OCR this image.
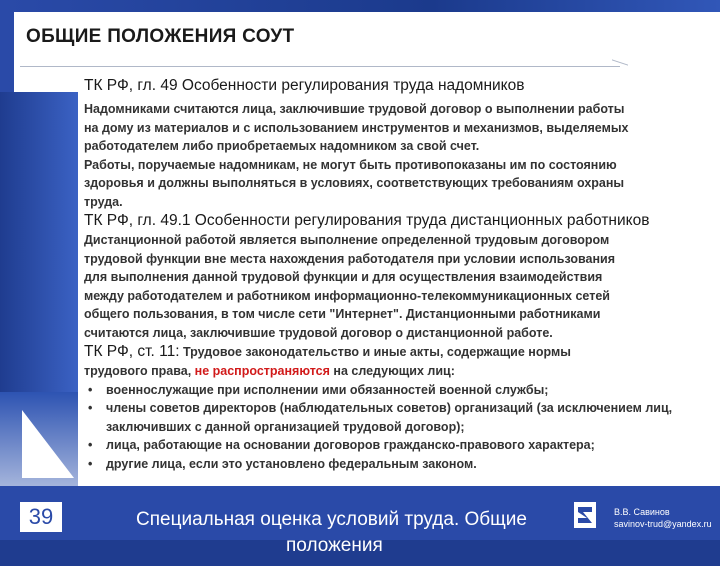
ОБЩИЕ ПОЛОЖЕНИЯ СОУТ

ТК РФ, гл. 49 Особенности регулирования труда надомников

Надомниками считаются лица, заключившие трудовой договор о выполнении работы

на дому из материалов и с использованием инструментов и механизмов, выделяемых

работодателем либо приобретаемых надомником за свой счет.

Работы, поручаемые надомникам, не могут быть противопоказаны им по состоянию

здоровья и должны выполняться в условиях, соответствующих требованиям охраны

труда.

ТК РФ, гл. 49.1 Особенности регулирования труда дистанционных работников

Дистанционной работой является выполнение определенной трудовым договором

трудовой функции вне места нахождения работодателя при условии использования

для выполнения данной трудовой функции и для осуществления взаимодействия

между работодателем и работником информационно-телекоммуникационных сетей

общего пользования, в том числе сети "Интернет". Дистанционными работниками

считаются лица, заключившие трудовой договор о дистанционной работе.

ТК РФ, ст. 11: Трудовое законодательство и иные акты, содержащие нормы

трудового права, не распространяются на следующих лиц:

• военнослужащие при исполнении ими обязанностей военной службы;
• члены советов директоров (наблюдательных советов) организаций (за исключением лиц, заключивших с данной организацией трудовой договор);
• лица, работающие на основании договоров гражданско-правового характера;
• другие лица, если это установлено федеральным законом.
39	Специальная оценка условий труда. Общие
положения
В.В. Савинов
savinov-trud@yandex.ru
